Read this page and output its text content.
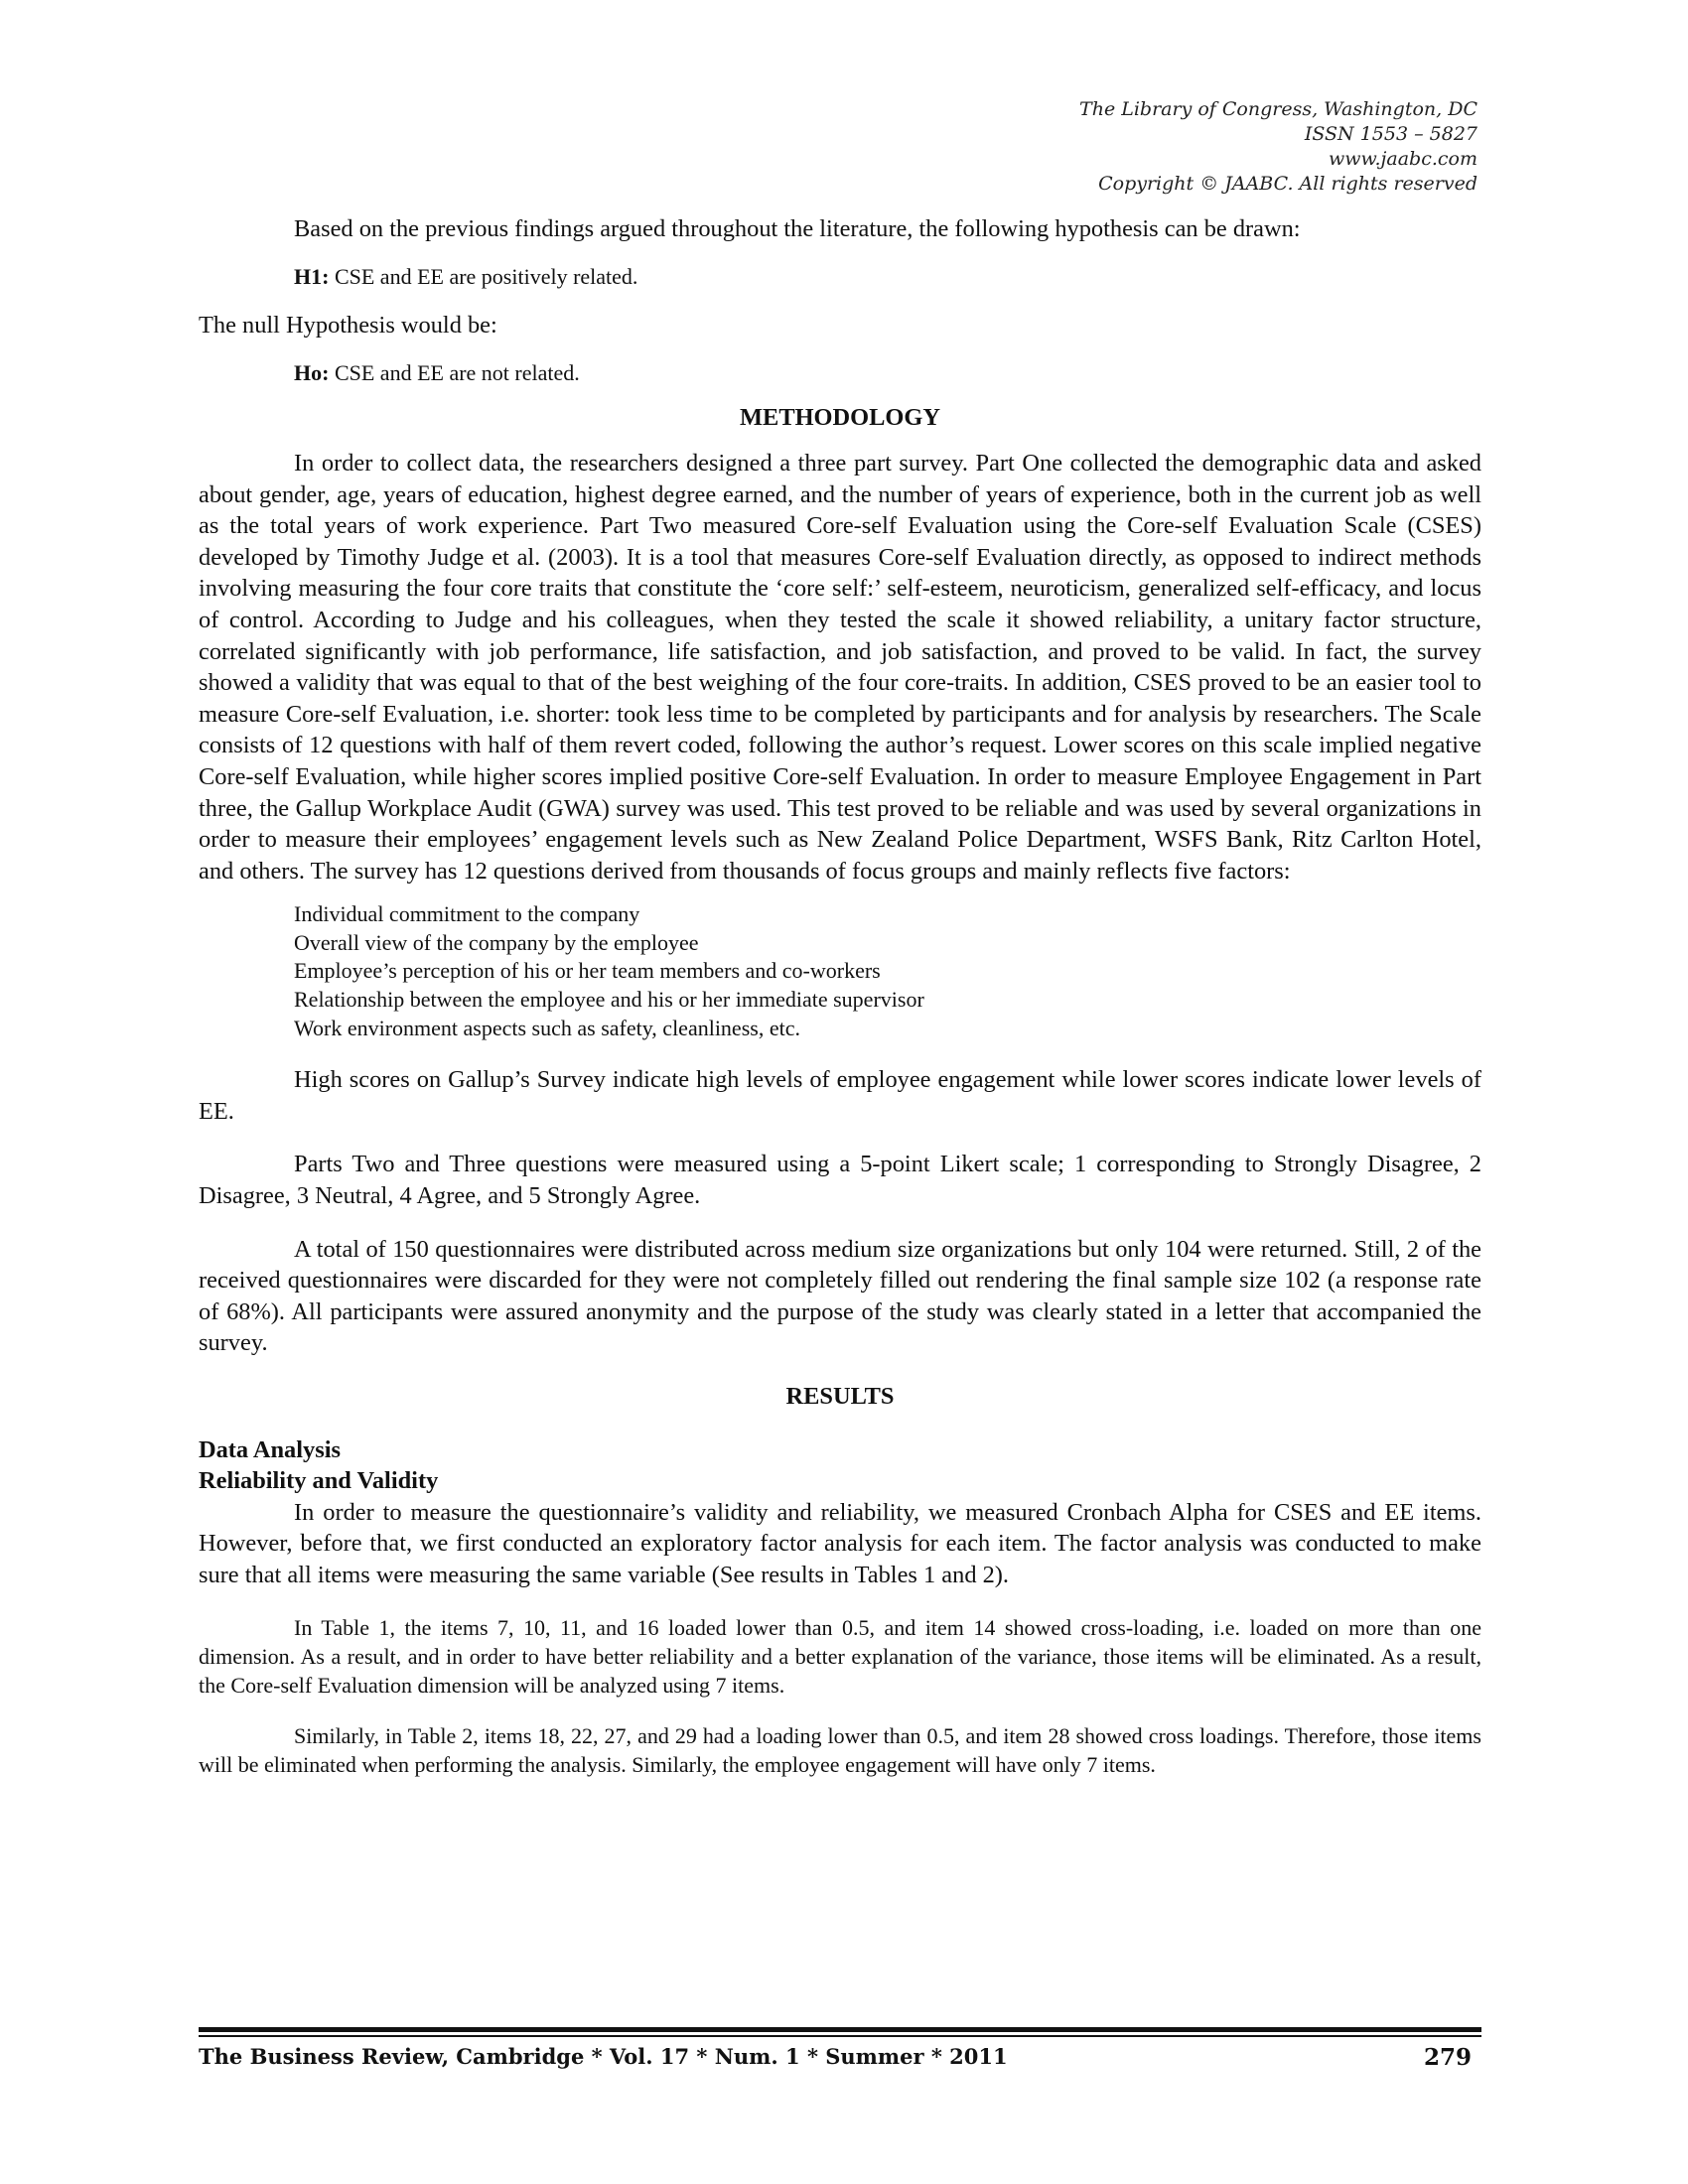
The Library of Congress, Washington, DC
ISSN 1553 – 5827
www.jaabc.com
Copyright © JAABC. All rights reserved

Based on the previous findings argued throughout the literature, the following hypothesis can be drawn:

H1: CSE and EE are positively related.

The null Hypothesis would be:

Ho: CSE and EE are not related.

METHODOLOGY

In order to collect data, the researchers designed a three part survey. Part One collected the demographic data and asked about gender, age, years of education, highest degree earned, and the number of years of experience, both in the current job as well as the total years of work experience. Part Two measured Core-self Evaluation using the Core-self Evaluation Scale (CSES) developed by Timothy Judge et al. (2003). It is a tool that measures Core-self Evaluation directly, as opposed to indirect methods involving measuring the four core traits that constitute the ‘core self:’ self-esteem, neuroticism, generalized self-efficacy, and locus of control. According to Judge and his colleagues, when they tested the scale it showed reliability, a unitary factor structure, correlated significantly with job performance, life satisfaction, and job satisfaction, and proved to be valid. In fact, the survey showed a validity that was equal to that of the best weighing of the four core-traits. In addition, CSES proved to be an easier tool to measure Core-self Evaluation, i.e. shorter: took less time to be completed by participants and for analysis by researchers. The Scale consists of 12 questions with half of them revert coded, following the author’s request. Lower scores on this scale implied negative Core-self Evaluation, while higher scores implied positive Core-self Evaluation. In order to measure Employee Engagement in Part three, the Gallup Workplace Audit (GWA) survey was used. This test proved to be reliable and was used by several organizations in order to measure their employees’ engagement levels such as New Zealand Police Department, WSFS Bank, Ritz Carlton Hotel, and others. The survey has 12 questions derived from thousands of focus groups and mainly reflects five factors:

Individual commitment to the company
Overall view of the company by the employee
Employee’s perception of his or her team members and co-workers
Relationship between the employee and his or her immediate supervisor
Work environment aspects such as safety, cleanliness, etc.

High scores on Gallup’s Survey indicate high levels of employee engagement while lower scores indicate lower levels of EE.

Parts Two and Three questions were measured using a 5-point Likert scale; 1 corresponding to Strongly Disagree, 2 Disagree, 3 Neutral, 4 Agree, and 5 Strongly Agree.

A total of 150 questionnaires were distributed across medium size organizations but only 104 were returned. Still, 2 of the received questionnaires were discarded for they were not completely filled out rendering the final sample size 102 (a response rate of 68%). All participants were assured anonymity and the purpose of the study was clearly stated in a letter that accompanied the survey.

RESULTS

Data Analysis

Reliability and Validity

In order to measure the questionnaire’s validity and reliability, we measured Cronbach Alpha for CSES and EE items. However, before that, we first conducted an exploratory factor analysis for each item. The factor analysis was conducted to make sure that all items were measuring the same variable (See results in Tables 1 and 2).

In Table 1, the items 7, 10, 11, and 16 loaded lower than 0.5, and item 14 showed cross-loading, i.e. loaded on more than one dimension. As a result, and in order to have better reliability and a better explanation of the variance, those items will be eliminated. As a result, the Core-self Evaluation dimension will be analyzed using 7 items.

Similarly, in Table 2, items 18, 22, 27, and 29 had a loading lower than 0.5, and item 28 showed cross loadings. Therefore, those items will be eliminated when performing the analysis. Similarly, the employee engagement will have only 7 items.

The Business Review, Cambridge * Vol. 17 * Num. 1 * Summer * 2011	279
